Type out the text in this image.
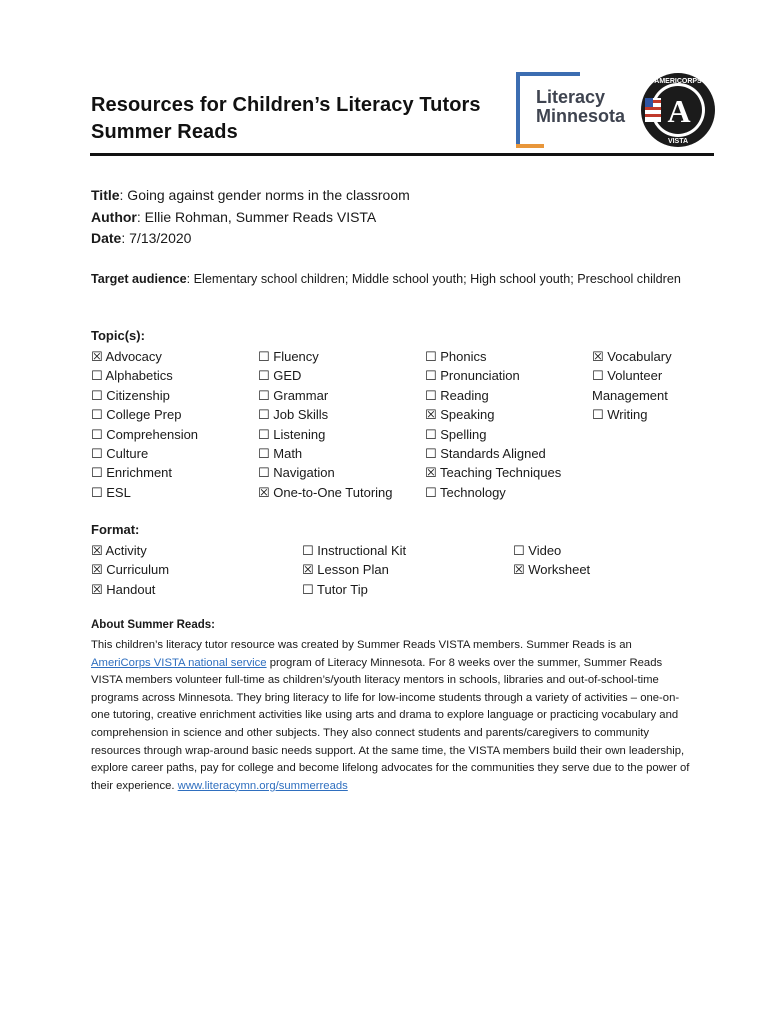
Resources for Children’s Literacy Tutors
Summer Reads
Literacy
Minnesota A
AMERICORPS
VISTA
Title: Going against gender norms in the classroom
Author: Ellie Rohman, Summer Reads VISTA
Date: 7/13/2020
Target audience: Elementary school children; Middle school youth; High school youth; Preschool children
Topic(s):
☒ Advocacy
☐ Alphabetics
☐ Citizenship
☐ College Prep
☐ Comprehension
☐ Culture
☐ Enrichment
☐ ESL
☐ Fluency
☐ GED
☐ Grammar
☐ Job Skills
☐ Listening
☐ Math
☐ Navigation
☒ One-to-One Tutoring
☐ Phonics
☐ Pronunciation
☐ Reading
☒ Speaking
☐ Spelling
☐ Standards Aligned
☒ Teaching Techniques
☐ Technology
☒ Vocabulary
☐ Volunteer
Management
☐ Writing
Format:
☒ Activity
☒ Curriculum
☒ Handout
☐ Instructional Kit
☒ Lesson Plan
☐ Tutor Tip
☐ Video
☒ Worksheet
About Summer Reads:
This children’s literacy tutor resource was created by Summer Reads VISTA members. Summer Reads is an AmeriCorps VISTA national service program of Literacy Minnesota. For 8 weeks over the summer, Summer Reads VISTA members volunteer full-time as children’s/youth literacy mentors in schools, libraries and out-of-school-time programs across Minnesota. They bring literacy to life for low-income students through a variety of activities – one-on-one tutoring, creative enrichment activities like using arts and drama to explore language or practicing vocabulary and comprehension in science and other subjects. They also connect students and parents/caregivers to community resources through wrap-around basic needs support. At the same time, the VISTA members build their own leadership, explore career paths, pay for college and become lifelong advocates for the communities they serve due to the power of their experience. www.literacymn.org/summerreads
